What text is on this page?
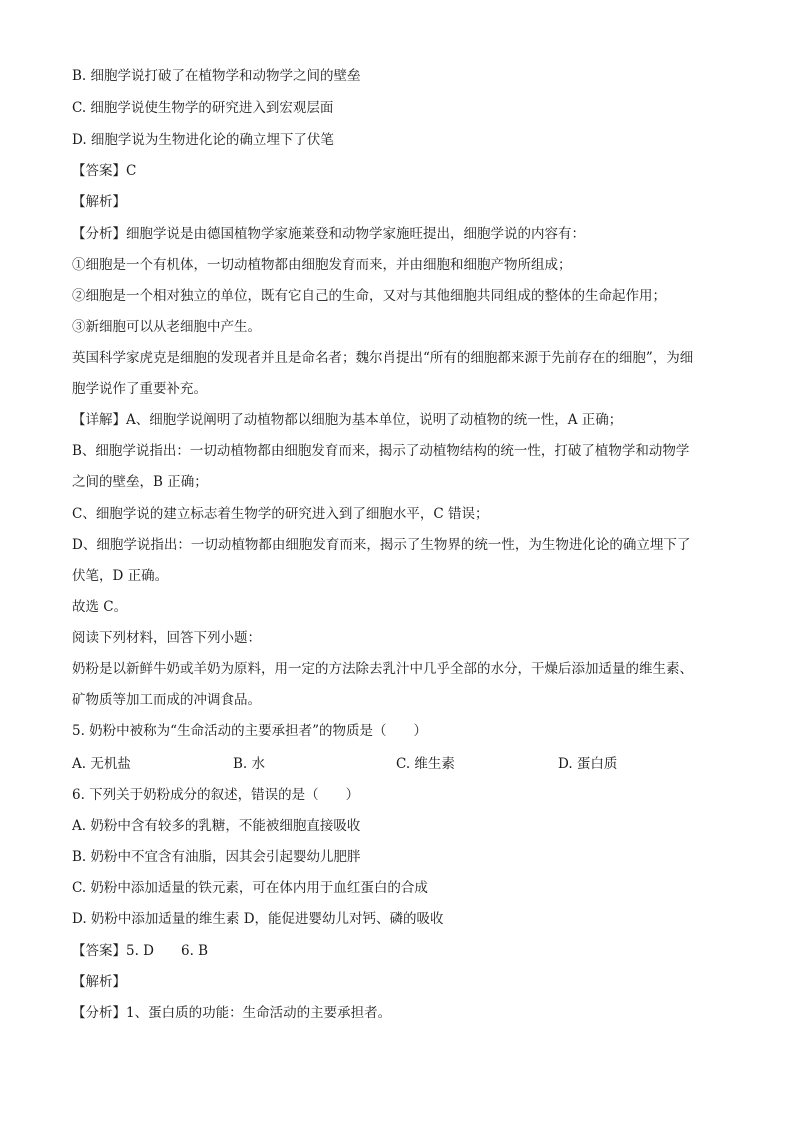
B. 细胞学说打破了在植物学和动物学之间的壁垒
C. 细胞学说使生物学的研究进入到宏观层面
D. 细胞学说为生物进化论的确立埋下了伏笔
【答案】C
【解析】
【分析】细胞学说是由德国植物学家施莱登和动物学家施旺提出，细胞学说的内容有：
①细胞是一个有机体，一切动植物都由细胞发育而来，并由细胞和细胞产物所组成；
②细胞是一个相对独立的单位，既有它自己的生命，又对与其他细胞共同组成的整体的生命起作用；
③新细胞可以从老细胞中产生。
英国科学家虎克是细胞的发现者并且是命名者；魏尔肖提出“所有的细胞都来源于先前存在的细胞”，为细
胞学说作了重要补充。
【详解】A、细胞学说阐明了动植物都以细胞为基本单位，说明了动植物的统一性，A 正确；
B、细胞学说指出：一切动植物都由细胞发育而来，揭示了动植物结构的统一性，打破了植物学和动物学
之间的壁垒，B 正确；
C、细胞学说的建立标志着生物学的研究进入到了细胞水平，C 错误；
D、细胞学说指出：一切动植物都由细胞发育而来，揭示了生物界的统一性，为生物进化论的确立埋下了
伏笔，D 正确。
故选 C。
阅读下列材料，回答下列小题：
奶粉是以新鲜牛奶或羊奶为原料，用一定的方法除去乳汁中几乎全部的水分，干燥后添加适量的维生素、
矿物质等加工而成的冲调食品。
5. 奶粉中被称为“生命活动的主要承担者”的物质是（　　）
A. 无机盐	B. 水	C. 维生素	D. 蛋白质
6. 下列关于奶粉成分的叙述，错误的是（　　）
A. 奶粉中含有较多的乳糖，不能被细胞直接吸收
B. 奶粉中不宜含有油脂，因其会引起婴幼儿肥胖
C. 奶粉中添加适量的铁元素，可在体内用于血红蛋白的合成
D. 奶粉中添加适量的维生素 D，能促进婴幼儿对钙、磷的吸收
【答案】5. D　　6. B
【解析】
【分析】1、蛋白质的功能：生命活动的主要承担者。
